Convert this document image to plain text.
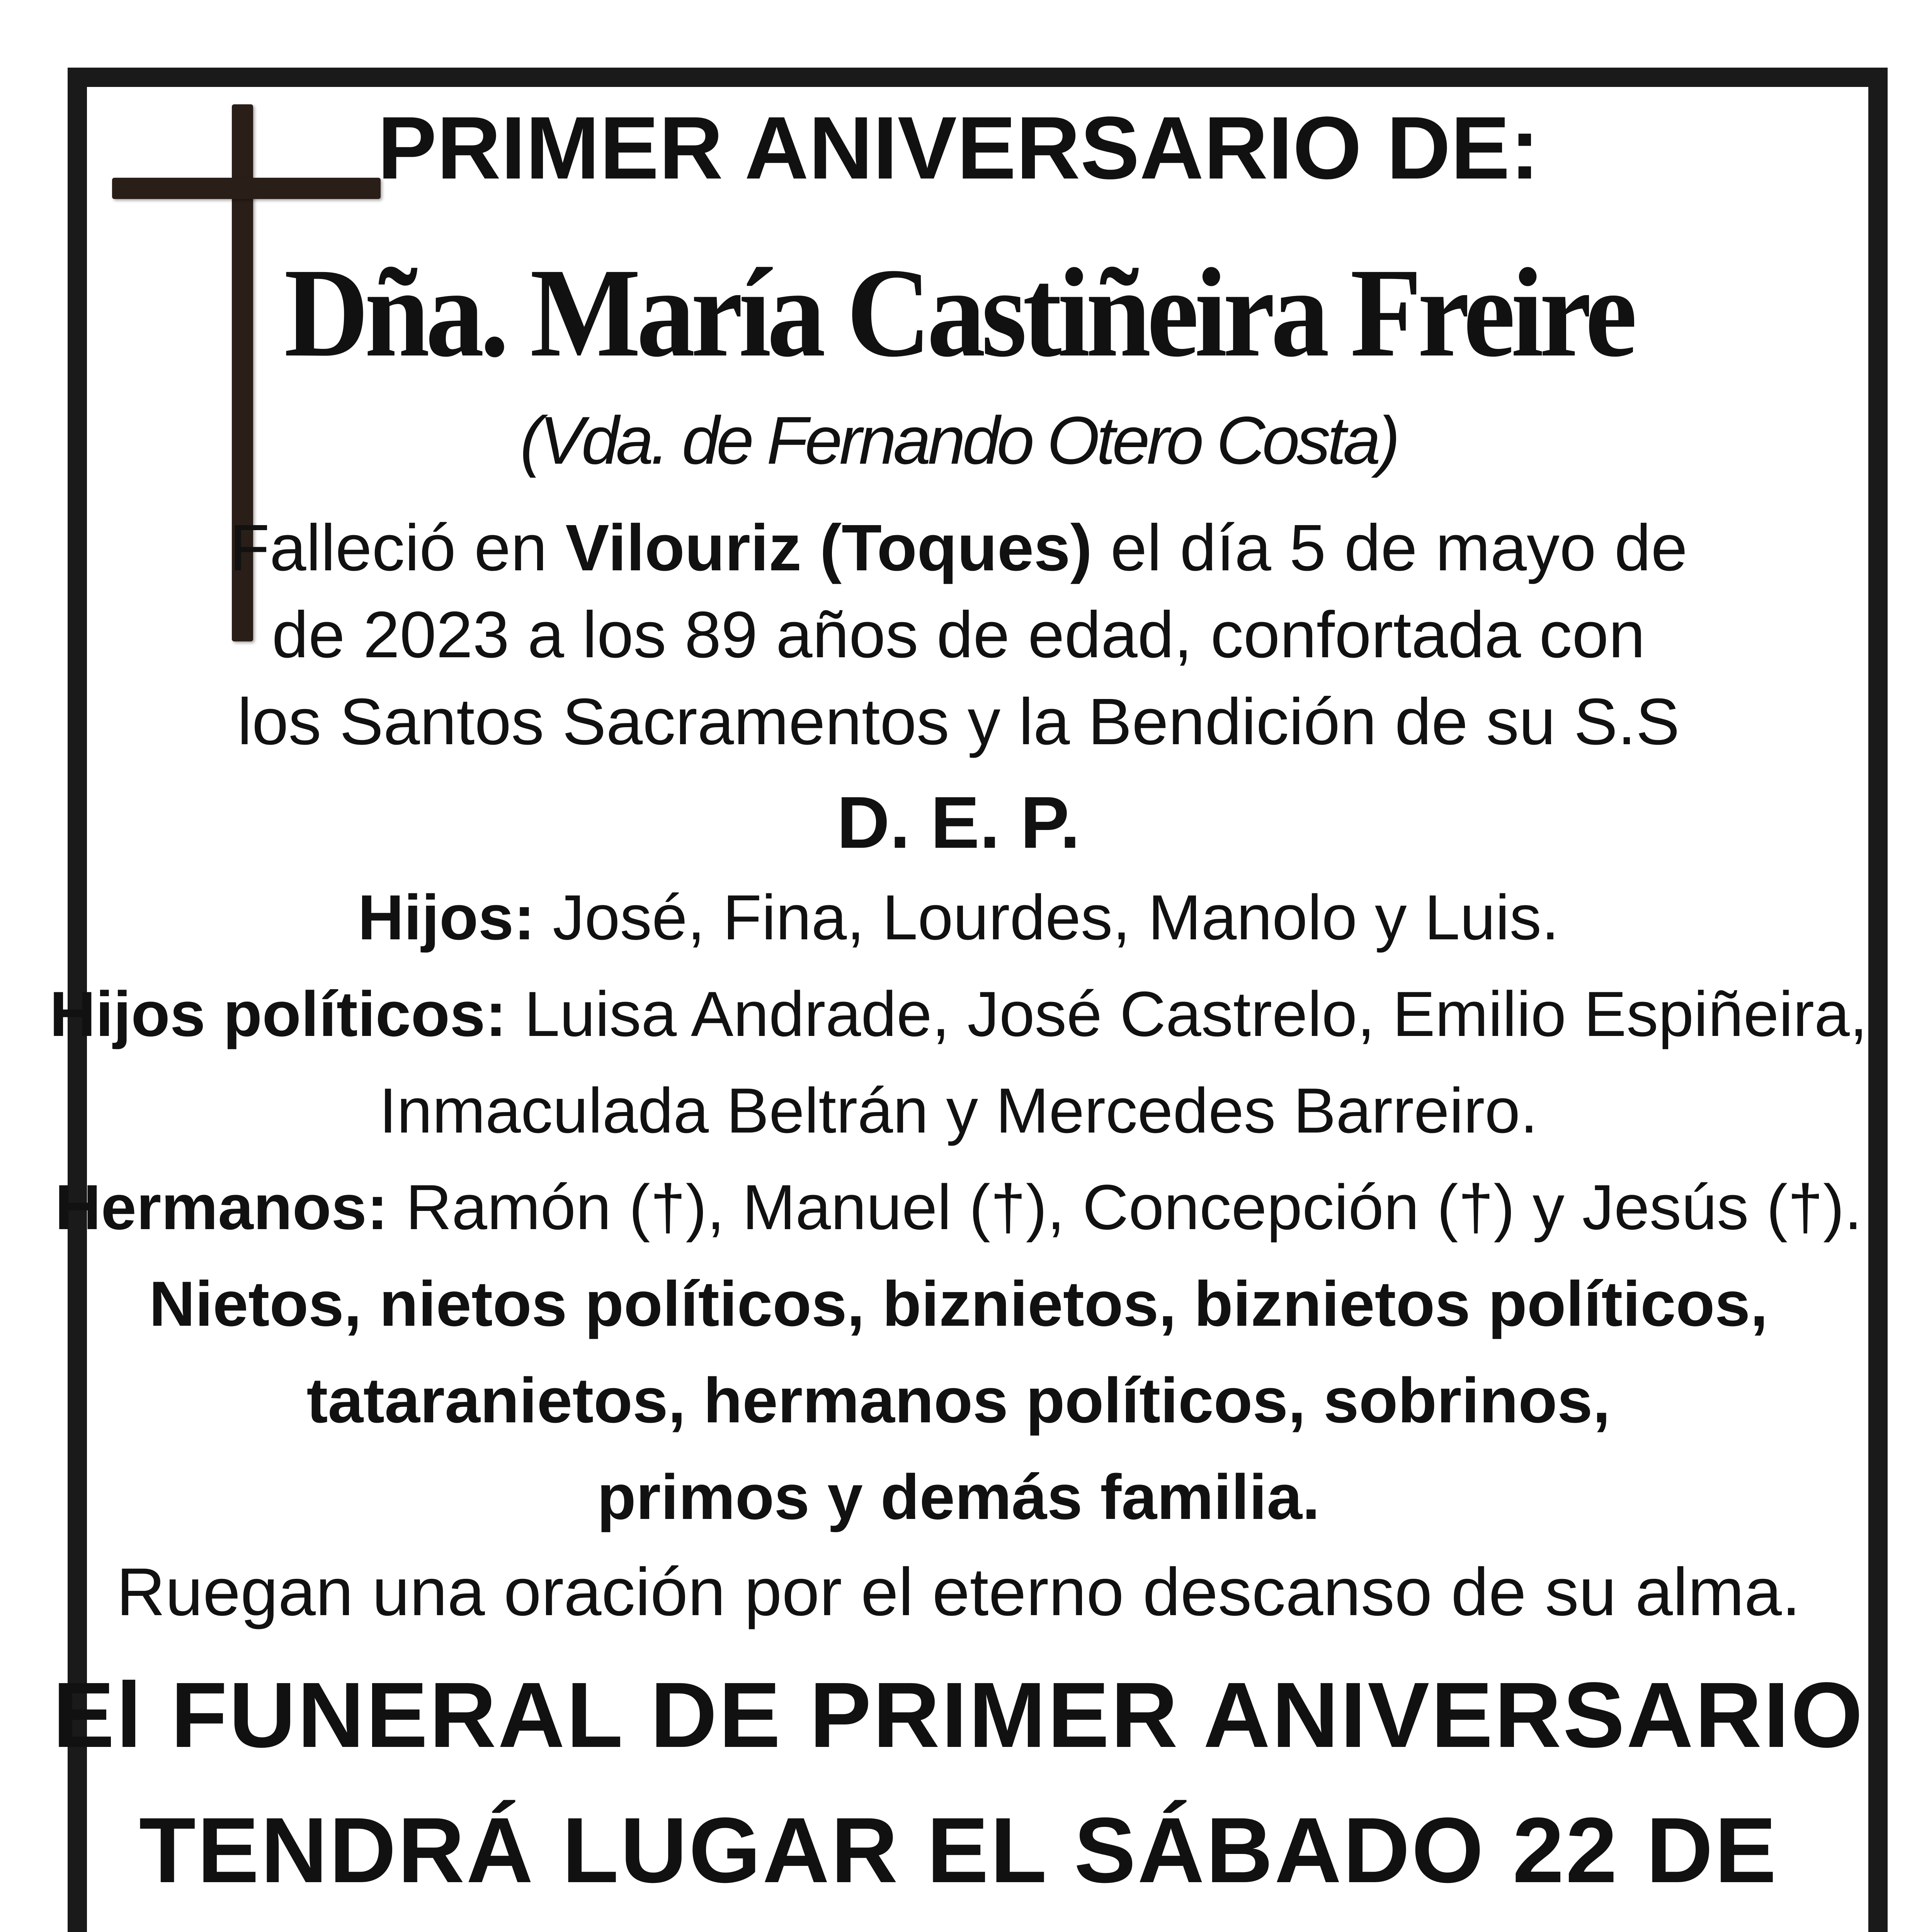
PRIMER ANIVERSARIO DE:

Dña. María Castiñeira Freire

(Vda. de Fernando Otero Costa)

Falleció en Vilouriz (Toques) el día 5 de mayo de

de 2023 a los 89 años de edad, confortada con

los Santos Sacramentos y la Bendición de su S.S

D. E. P.

Hijos: José, Fina, Lourdes, Manolo y Luis.

Hijos políticos: Luisa Andrade, José Castrelo, Emilio Espiñeira,

Inmaculada Beltrán y Mercedes Barreiro.

Hermanos: Ramón (†), Manuel (†), Concepción (†) y Jesús (†).

Nietos, nietos políticos, biznietos, biznietos políticos,

tataranietos, hermanos políticos, sobrinos,

primos y demás familia.

Ruegan una oración por el eterno descanso de su alma.

El FUNERAL DE PRIMER ANIVERSARIO

TENDRÁ LUGAR EL SÁBADO 22 DE
